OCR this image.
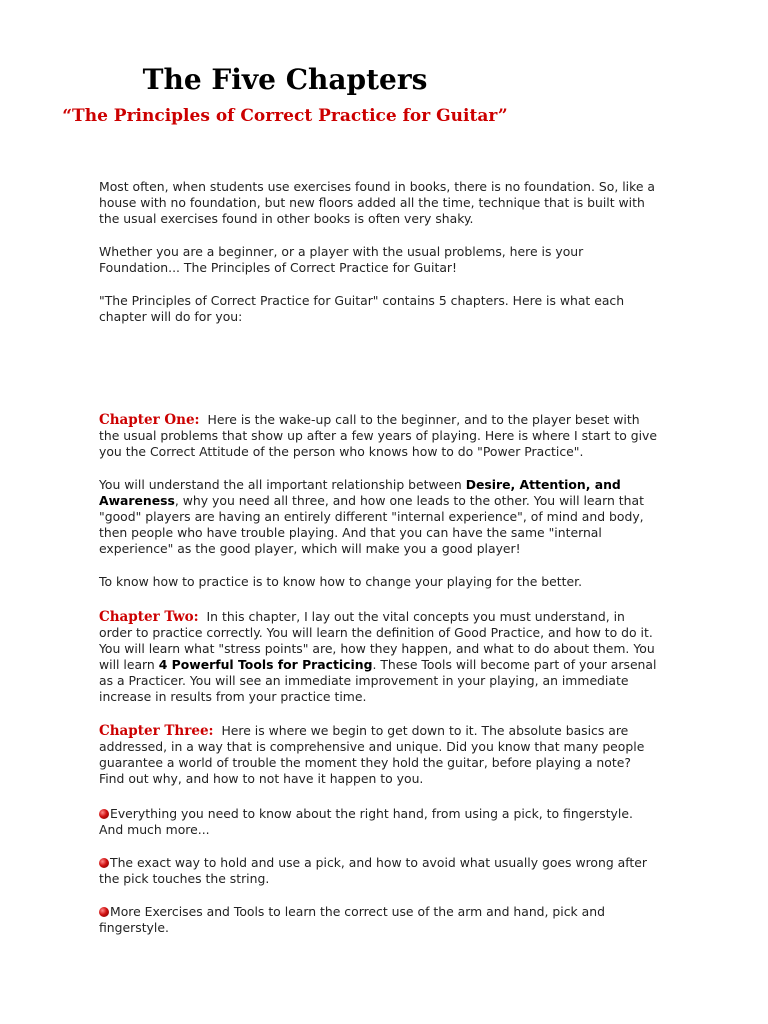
The Five Chapters
“The Principles of Correct Practice for Guitar”

Most often, when students use exercises found in books, there is no foundation. So, like a house with no foundation, but new floors added all the time, technique that is built with the usual exercises found in other books is often very shaky.

Whether you are a beginner, or a player with the usual problems, here is your Foundation... The Principles of Correct Practice for Guitar!

"The Principles of Correct Practice for Guitar" contains 5 chapters. Here is what each chapter will do for you:

Chapter One: Here is the wake-up call to the beginner, and to the player beset with the usual problems that show up after a few years of playing. Here is where I start to give you the Correct Attitude of the person who knows how to do "Power Practice".

You will understand the all important relationship between Desire, Attention, and Awareness, why you need all three, and how one leads to the other. You will learn that "good" players are having an entirely different "internal experience", of mind and body, then people who have trouble playing. And that you can have the same "internal experience" as the good player, which will make you a good player!

To know how to practice is to know how to change your playing for the better.

Chapter Two: In this chapter, I lay out the vital concepts you must understand, in order to practice correctly. You will learn the definition of Good Practice, and how to do it. You will learn what "stress points" are, how they happen, and what to do about them. You will learn 4 Powerful Tools for Practicing. These Tools will become part of your arsenal as a Practicer. You will see an immediate improvement in your playing, an immediate increase in results from your practice time.

Chapter Three: Here is where we begin to get down to it. The absolute basics are addressed, in a way that is comprehensive and unique. Did you know that many people guarantee a world of trouble the moment they hold the guitar, before playing a note? Find out why, and how to not have it happen to you.

Everything you need to know about the right hand, from using a pick, to fingerstyle. And much more...

The exact way to hold and use a pick, and how to avoid what usually goes wrong after the pick touches the string.

More Exercises and Tools to learn the correct use of the arm and hand, pick and fingerstyle.
